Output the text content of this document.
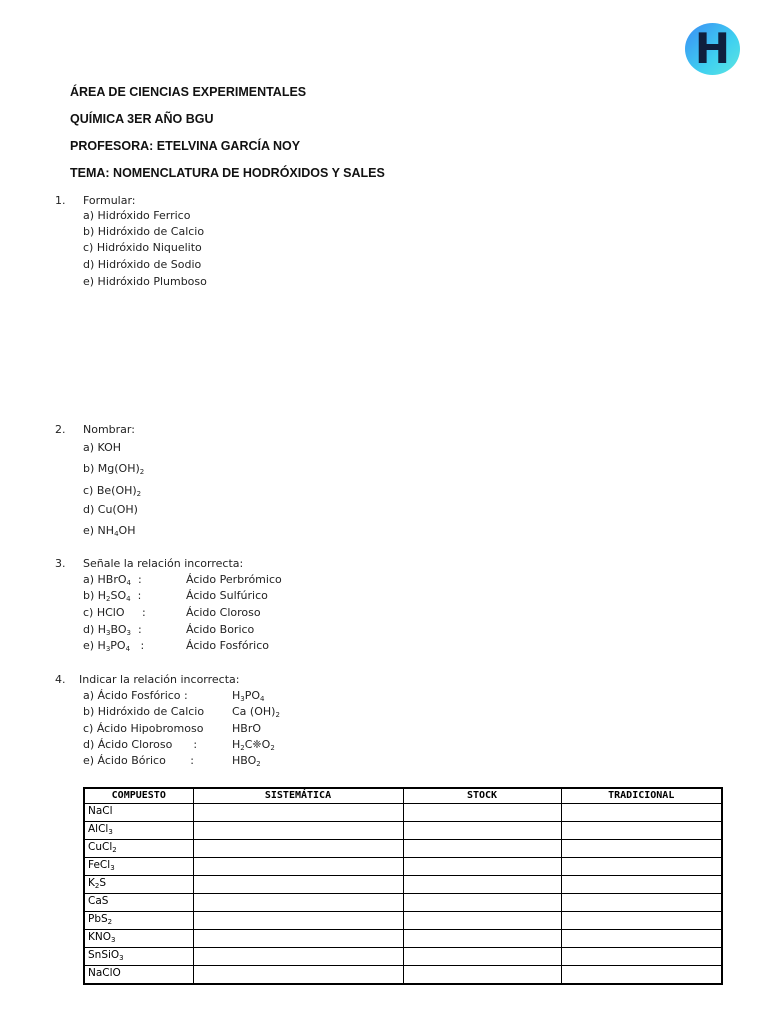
H
ÁREA DE CIENCIAS EXPERIMENTALES
QUÍMICA 3ER AÑO BGU
PROFESORA: ETELVINA GARCÍA NOY
TEMA: NOMENCLATURA DE HODRÓXIDOS Y SALES
1. Formular:
a) Hidróxido Ferrico
b) Hidróxido de Calcio
c) Hidróxido Niquelito
d) Hidróxido de Sodio
e) Hidróxido Plumboso
2. Nombrar:
a) KOH
b) $Mg(OH)_2$
c) $Be(OH)_2$
d) Cu(OH)
e) $NH_4OH$
3. Señale la relación incorrecta:
a) HBrO$_4$  :	Ácido Perbrómico
b) $H_2SO_4$  :	Ácido Sulfúrico
c) HClO     :	Ácido Cloroso
d) $H_3BO_3$  :	Ácido Borico
e) $H_3PO_4$   :	Ácido Fosfórico
4. Indicar la relación incorrecta:
a) Ácido Fosfórico :	$H_3PO_4$
b) Hidróxido de Calcio	Ca $(OH)_2$
c) Ácido Hipobromoso	HBrO
d) Ácido Cloroso      :	$H_2C❈O_2$
e) Ácido Bórico       :	$HBO_2$
COMPUESTO	SISTEMÁTICA	STOCK	TRADICIONAL
NaCl			
AlCl$_3$			
CuCl$_2$			
FeCl$_3$			
$K_2S$			
CaS			
PbS$_2$			
$KNO_3$			
SnSiO$_3$			
NaClO			
